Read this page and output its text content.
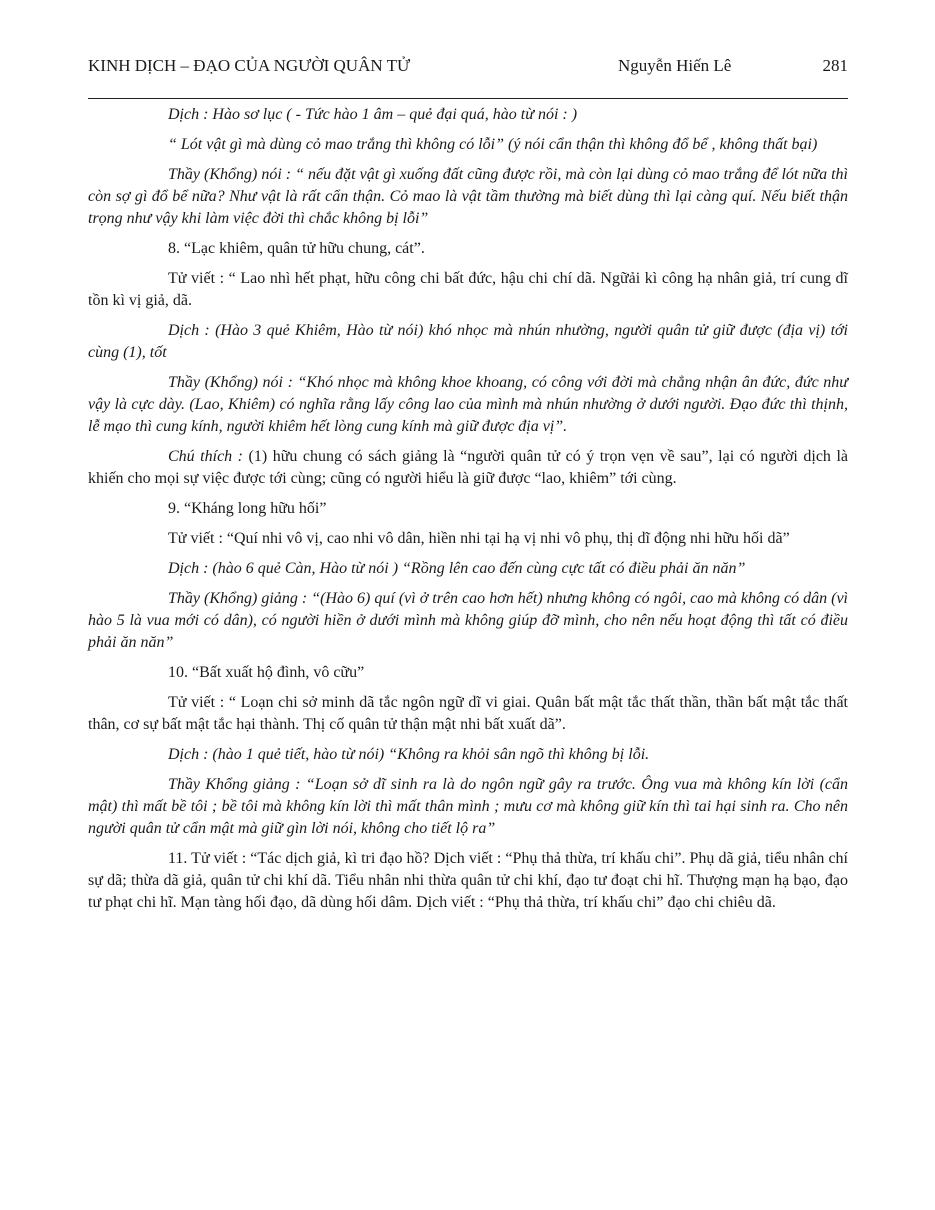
KINH DỊCH – ĐẠO CỦA NGƯỜI QUÂN TỬ	Nguyễn Hiến Lê	281

Dịch : Hào sơ lục ( - Tức hào 1 âm – quẻ đại quá, hào từ nói : )

“ Lót vật gì mà dùng cỏ mao trắng thì không có lỗi” (ý nói cẩn thận thì không đổ bể , không thất bại)

Thầy (Khổng) nói : “ nếu đặt vật gì xuống đất cũng được rồi, mà còn lại dùng cỏ mao trắng để lót nữa thì còn sợ gì đổ bể nữa? Như vật là rất cẩn thận. Cỏ mao là vật tầm thường mà biết dùng thì lại càng quí. Nếu biết thận trọng như vậy khi làm việc đời thì chắc không bị lỗi”

8. “Lạc khiêm, quân tử hữu chung, cát”.

Tử viết : “ Lao nhì hết phạt, hữu công chi bất đức, hậu chi chí dã. Ngữải kì công hạ nhân giả, trí cung dĩ tồn kì vị giả, dã.

Dịch : (Hào 3 quẻ Khiêm, Hào từ nói) khó nhọc mà nhún nhường, người quân tử giữ được (địa vị) tới cùng (1), tốt

Thầy (Khổng) nói : “Khó nhọc mà không khoe khoang, có công với đời mà chẳng nhận ân đức, đức như vậy là cực dày. (Lao, Khiêm) có nghĩa rằng lấy công lao của mình mà nhún nhường ở dưới người. Đạo đức thì thịnh, lễ mạo thì cung kính, người khiêm hết lòng cung kính mà giữ được địa vị”.

Chú thích : (1) hữu chung có sách giảng là “người quân tử có ý trọn vẹn về sau”, lại có người dịch là khiến cho mọi sự việc được tới cùng; cũng có người hiểu là giữ được “lao, khiêm” tới cùng.

9. “Kháng long hữu hối”

Tử viết : “Quí nhi vô vị, cao nhi vô dân, hiền nhi tại hạ vị nhi vô phụ, thị dĩ động nhi hữu hối dã”

Dịch : (hào 6 quẻ Càn, Hào từ nói ) “Rồng lên cao đến cùng cực tất có điều phải ăn năn”

Thầy (Khổng) giảng : “(Hào 6) quí (vì ở trên cao hơn hết) nhưng không có ngôi, cao mà không có dân (vì hào 5 là vua mới có dân), có người hiền ở dưới mình mà không giúp đỡ mình, cho nên nếu hoạt động thì tất có điều phải ăn năn”

10. “Bất xuất hộ đình, vô cữu”

Tử viết : “ Loạn chi sở minh dã tắc ngôn ngữ dĩ vi giai. Quân bất mật tắc thất thần, thần bất mật tắc thất thân, cơ sự bất mật tắc hại thành. Thị cố quân tử thận mật nhi bất xuất dã”.

Dịch : (hào 1 quẻ tiết, hào từ nói) “Không ra khỏi sân ngõ thì không bị lỗi.

Thầy Khổng giảng : “Loạn sở dĩ sinh ra là do ngôn ngữ gây ra trước. Ông vua mà không kín lời (cẩn mật) thì mất bề tôi ; bề tôi mà không kín lời thì mất thân mình ; mưu cơ mà không giữ kín thì tai hại sinh ra. Cho nên người quân tử cẩn mật mà giữ gìn lời nói, không cho tiết lộ ra”

11. Tử viết : “Tác dịch giả, kì tri đạo hồ? Dịch viết : “Phụ thả thừa, trí khấu chi”. Phụ dã giả, tiểu nhân chí sự dã; thừa dã giả, quân tử chi khí dã. Tiểu nhân nhi thừa quân tử chi khí, đạo tư đoạt chi hĩ. Thượng mạn hạ bạo, đạo tư phạt chi hĩ. Mạn tàng hối đạo, dã dùng hối dâm. Dịch viết : “Phụ thả thừa, trí khấu chi” đạo chi chiêu dã.
